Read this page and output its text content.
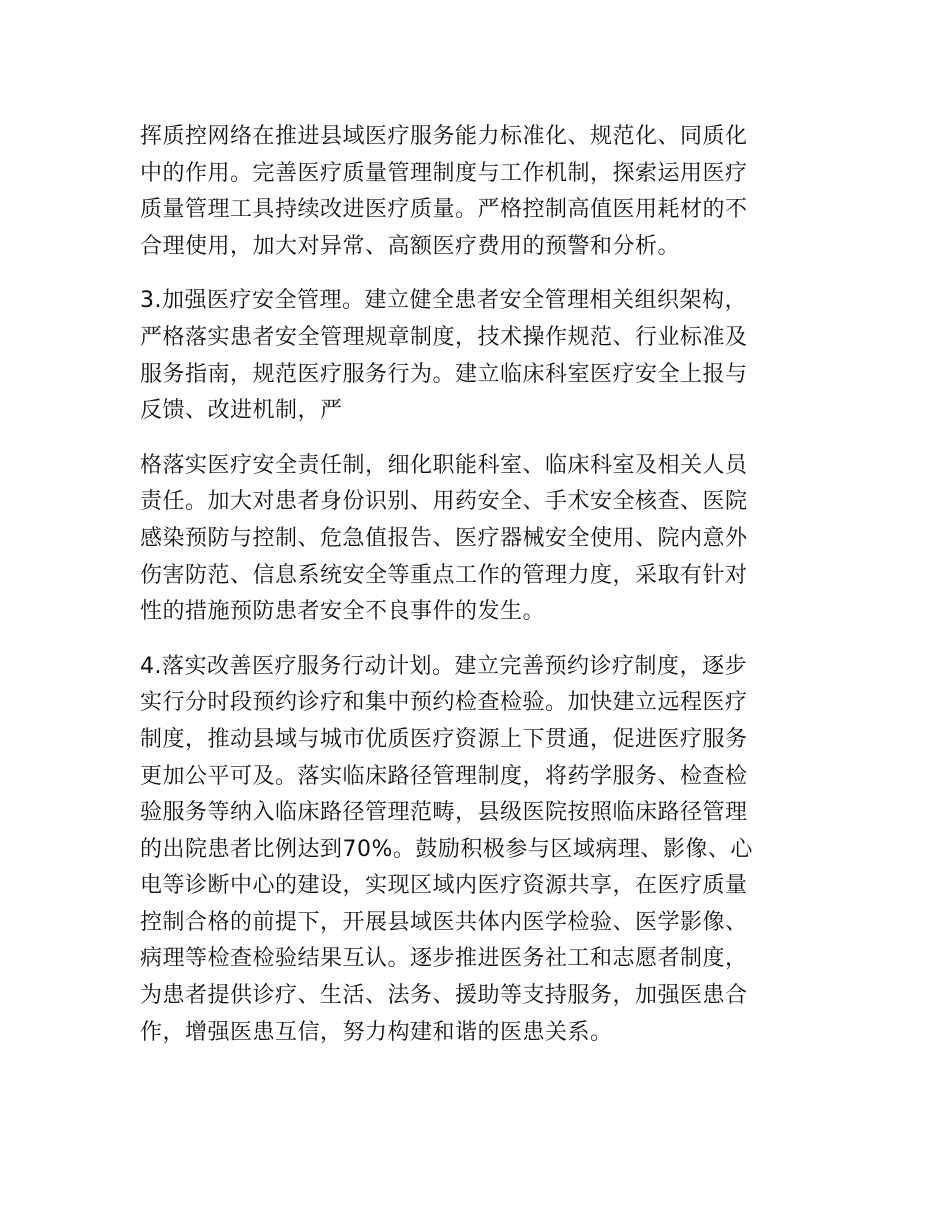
挥质控网络在推进县域医疗服务能力标准化、规范化、同质化
中的作用。完善医疗质量管理制度与工作机制，探索运用医疗
质量管理工具持续改进医疗质量。严格控制高值医用耗材的不
合理使用，加大对异常、高额医疗费用的预警和分析。

3.加强医疗安全管理。建立健全患者安全管理相关组织架构，
严格落实患者安全管理规章制度，技术操作规范、行业标准及
服务指南，规范医疗服务行为。建立临床科室医疗安全上报与
反馈、改进机制，严

格落实医疗安全责任制，细化职能科室、临床科室及相关人员
责任。加大对患者身份识别、用药安全、手术安全核查、医院
感染预防与控制、危急值报告、医疗器械安全使用、院内意外
伤害防范、信息系统安全等重点工作的管理力度，采取有针对
性的措施预防患者安全不良事件的发生。

4.落实改善医疗服务行动计划。建立完善预约诊疗制度，逐步
实行分时段预约诊疗和集中预约检查检验。加快建立远程医疗
制度，推动县域与城市优质医疗资源上下贯通，促进医疗服务
更加公平可及。落实临床路径管理制度，将药学服务、检查检
验服务等纳入临床路径管理范畴，县级医院按照临床路径管理
的出院患者比例达到70%。鼓励积极参与区域病理、影像、心
电等诊断中心的建设，实现区域内医疗资源共享，在医疗质量
控制合格的前提下，开展县域医共体内医学检验、医学影像、
病理等检查检验结果互认。逐步推进医务社工和志愿者制度，
为患者提供诊疗、生活、法务、援助等支持服务，加强医患合
作，增强医患互信，努力构建和谐的医患关系。
